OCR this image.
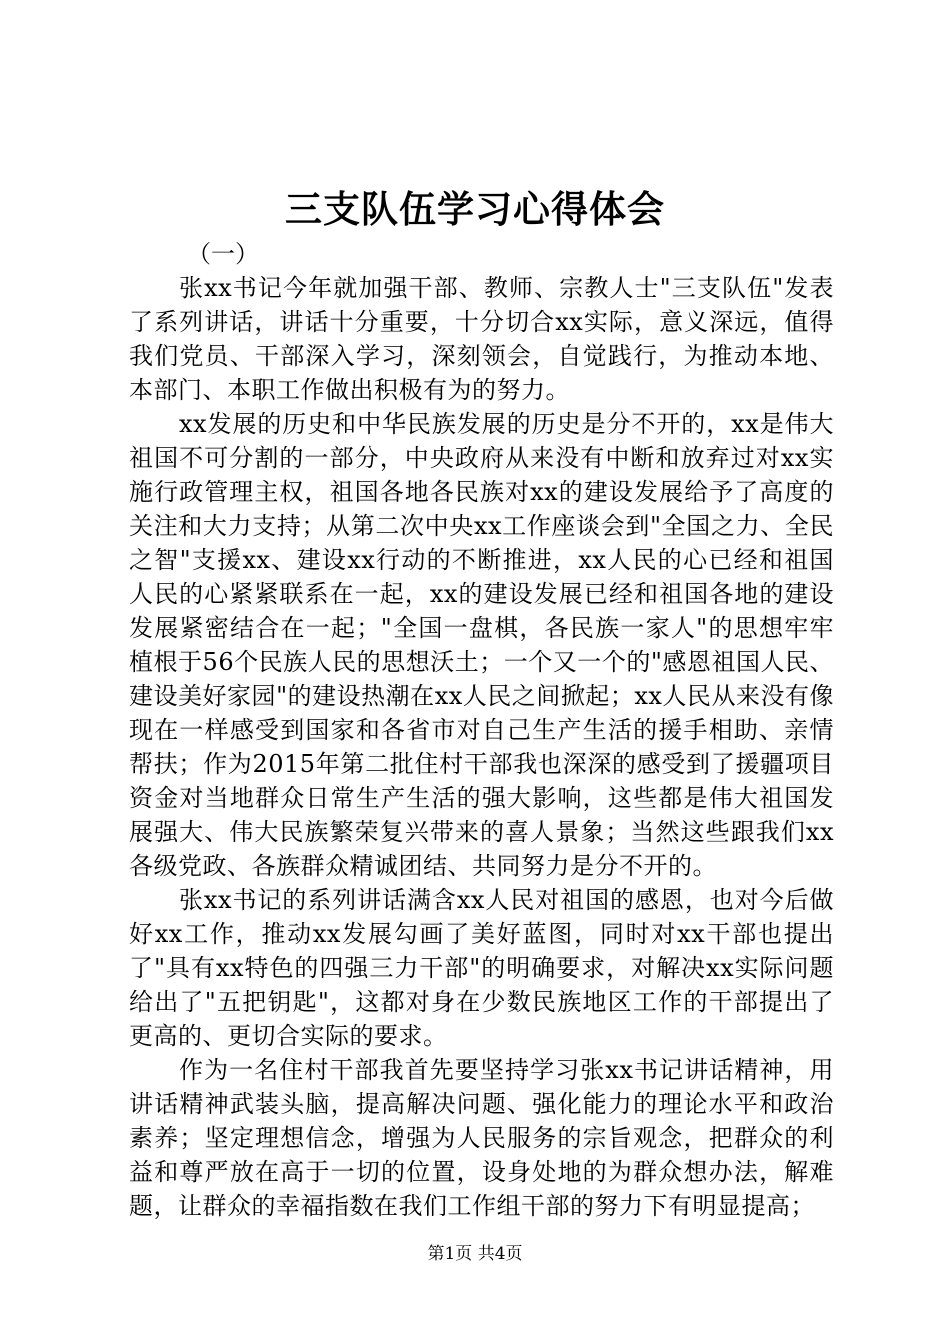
三支队伍学习心得体会

（一）

张xx书记今年就加强干部、教师、宗教人士"三支队伍"发表了系列讲话，讲话十分重要，十分切合xx实际，意义深远，值得我们党员、干部深入学习，深刻领会，自觉践行，为推动本地、本部门、本职工作做出积极有为的努力。

xx发展的历史和中华民族发展的历史是分不开的，xx是伟大祖国不可分割的一部分，中央政府从来没有中断和放弃过对xx实施行政管理主权，祖国各地各民族对xx的建设发展给予了高度的关注和大力支持；从第二次中央xx工作座谈会到"全国之力、全民之智"支援xx、建设xx行动的不断推进，xx人民的心已经和祖国人民的心紧紧联系在一起，xx的建设发展已经和祖国各地的建设发展紧密结合在一起；"全国一盘棋，各民族一家人"的思想牢牢植根于56个民族人民的思想沃土；一个又一个的"感恩祖国人民、建设美好家园"的建设热潮在xx人民之间掀起；xx人民从来没有像现在一样感受到国家和各省市对自己生产生活的援手相助、亲情帮扶；作为2015年第二批住村干部我也深深的感受到了援疆项目资金对当地群众日常生产生活的强大影响，这些都是伟大祖国发展强大、伟大民族繁荣复兴带来的喜人景象；当然这些跟我们xx各级党政、各族群众精诚团结、共同努力是分不开的。

张xx书记的系列讲话满含xx人民对祖国的感恩，也对今后做好xx工作，推动xx发展勾画了美好蓝图，同时对xx干部也提出了"具有xx特色的四强三力干部"的明确要求，对解决xx实际问题给出了"五把钥匙"，这都对身在少数民族地区工作的干部提出了更高的、更切合实际的要求。

作为一名住村干部我首先要坚持学习张xx书记讲话精神，用讲话精神武装头脑，提高解决问题、强化能力的理论水平和政治素养；坚定理想信念，增强为人民服务的宗旨观念，把群众的利益和尊严放在高于一切的位置，设身处地的为群众想办法，解难题，让群众的幸福指数在我们工作组干部的努力下有明显提高；

第1页 共4页
